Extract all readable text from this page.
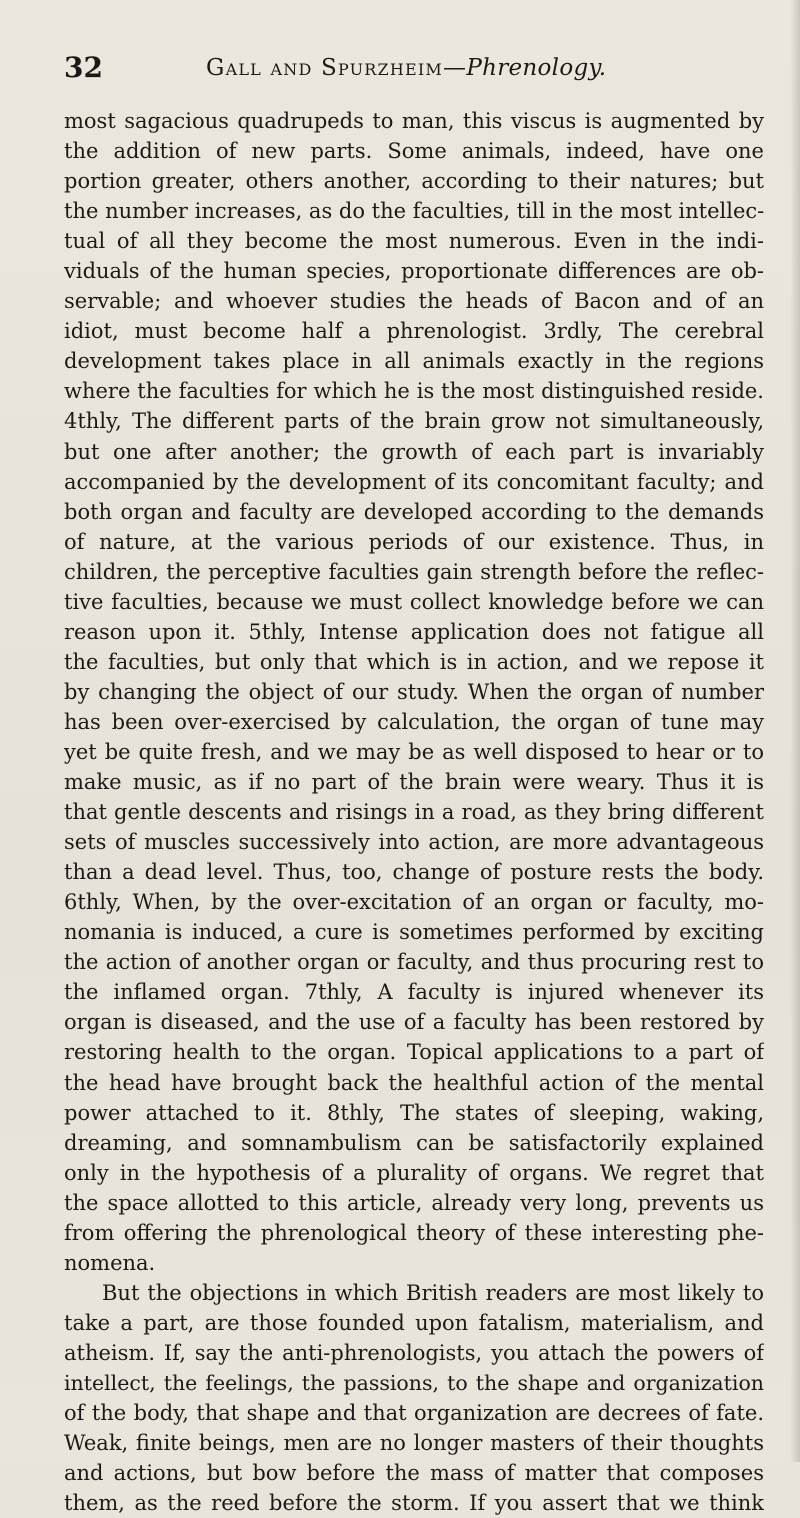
32	Gall and Spurzheim—Phrenology.
most sagacious quadrupeds to man, this viscus is augmented by
the addition of new parts. Some animals, indeed, have one
portion greater, others another, according to their natures; but
the number increases, as do the faculties, till in the most intellec-
tual of all they become the most numerous. Even in the indi-
viduals of the human species, proportionate differences are ob-
servable; and whoever studies the heads of Bacon and of an
idiot, must become half a phrenologist. 3rdly, The cerebral
development takes place in all animals exactly in the regions
where the faculties for which he is the most distinguished reside.
4thly, The different parts of the brain grow not simultaneously,
but one after another; the growth of each part is invariably
accompanied by the development of its concomitant faculty; and
both organ and faculty are developed according to the demands
of nature, at the various periods of our existence. Thus, in
children, the perceptive faculties gain strength before the reflec-
tive faculties, because we must collect knowledge before we can
reason upon it. 5thly, Intense application does not fatigue all
the faculties, but only that which is in action, and we repose it
by changing the object of our study. When the organ of number
has been over-exercised by calculation, the organ of tune may
yet be quite fresh, and we may be as well disposed to hear or to
make music, as if no part of the brain were weary. Thus it is
that gentle descents and risings in a road, as they bring different
sets of muscles successively into action, are more advantageous
than a dead level. Thus, too, change of posture rests the body.
6thly, When, by the over-excitation of an organ or faculty, mo-
nomania is induced, a cure is sometimes performed by exciting
the action of another organ or faculty, and thus procuring rest to
the inflamed organ. 7thly, A faculty is injured whenever its
organ is diseased, and the use of a faculty has been restored by
restoring health to the organ. Topical applications to a part of
the head have brought back the healthful action of the mental
power attached to it. 8thly, The states of sleeping, waking,
dreaming, and somnambulism can be satisfactorily explained
only in the hypothesis of a plurality of organs. We regret that
the space allotted to this article, already very long, prevents us
from offering the phrenological theory of these interesting phe-
nomena.
But the objections in which British readers are most likely to
take a part, are those founded upon fatalism, materialism, and
atheism. If, say the anti-phrenologists, you attach the powers of
intellect, the feelings, the passions, to the shape and organization
of the body, that shape and that organization are decrees of fate.
Weak, finite beings, men are no longer masters of their thoughts
and actions, but bow before the mass of matter that composes
them, as the reed before the storm. If you assert that we think
